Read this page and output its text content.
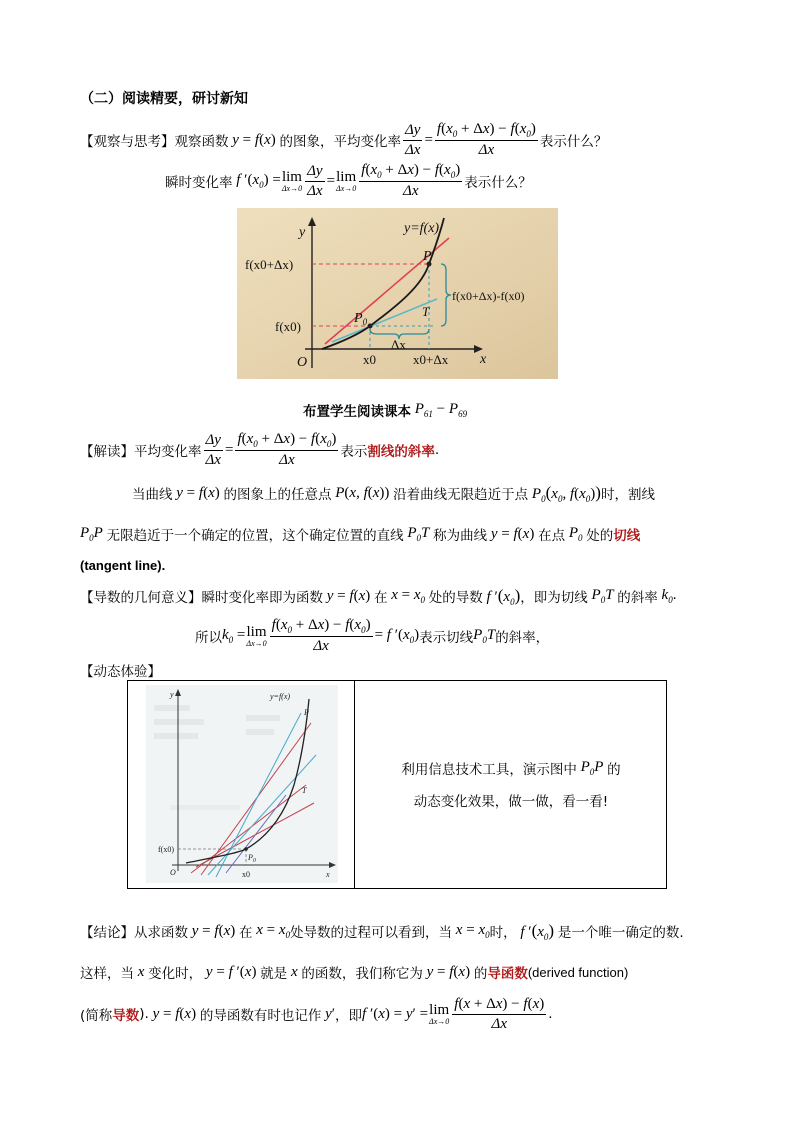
（二）阅读精要，研讨新知
【观察与思考】 观察函数 y = f(x) 的图象，平均变化率 $\frac{\Delta y}{\Delta x} = \frac{f(x_0 + \Delta x) - f(x_0)}{\Delta x}$ 表示什么？
瞬时变化率 f $'(x_0) = \lim$
$\Delta x\to 0 \frac{\Delta y}{\Delta x} = \lim$
$\Delta x\to 0 \frac{f(x_0 + \Delta x) - f(x_0)}{\Delta x}$ 表示什么？
y=f(x)
y
x
O
P
$P_0$
T
f(x0+Δx)
f(x0)
x0	x0+Δx
Δx
f(x0+Δx)-f(x0)
布置学生阅读课本 $P_{61} - P_{69}$
【解读】 平均变化率 $\frac{\Delta y}{\Delta x} = \frac{f(x_0 + \Delta x) - f(x_0)}{\Delta x}$ 表示 割线的斜率 .
当曲线 y = f(x) 的图象上的任意点 P(x, f(x)) 沿着曲线无限趋近于点 $P_0(x_0$, $f(x_0)$) 时，割线
$P_0P$ 无限趋近于一个确定的位置，这个确定位置的直线 $P_0T$ 称为曲线 y = f(x) 在点 $P_0$ 处的 切线
(tangent line).
【导数的几何意义】 瞬时变化率即为函数 y = f(x) 在 $x = x_0$ 处的导数 f $'(x_0)$ ，即为切线 $P_0T$ 的斜率 $k_0$.
所以 $k_0 = \lim$
$\Delta x\to 0 \frac{f(x_0 + \Delta x) - f(x_0)}{\Delta x} = f$ $'(x_0)$ 表示切线 $P_0T$ 的斜率，
【动态体验】
y=f(x)
P
T
$P_0$
f(x0)
x0
O
y
x
利用信息技术工具，演示图中 $P_0P$ 的
动态变化效果，做一做，看一看!
【结论】 从求函数 y = f(x) 在 $x = x_0$ 处导数的过程可以看到，当 $x = x_0$ 时， f $'(x_0)$ 是一个唯一确定的数.
这样，当 x 变化时， y = f ′(x) 就是 x 的函数，我们称它为 y = f(x) 的 导函数 (derived function)
(简称 导数 ). y = f(x) 的导函数有时也记作 y′ ，即 f ′(x) = y′ = lim
$\Delta x\to 0 \frac{f(x + \Delta x) - f(x)}{\Delta x}$ .
